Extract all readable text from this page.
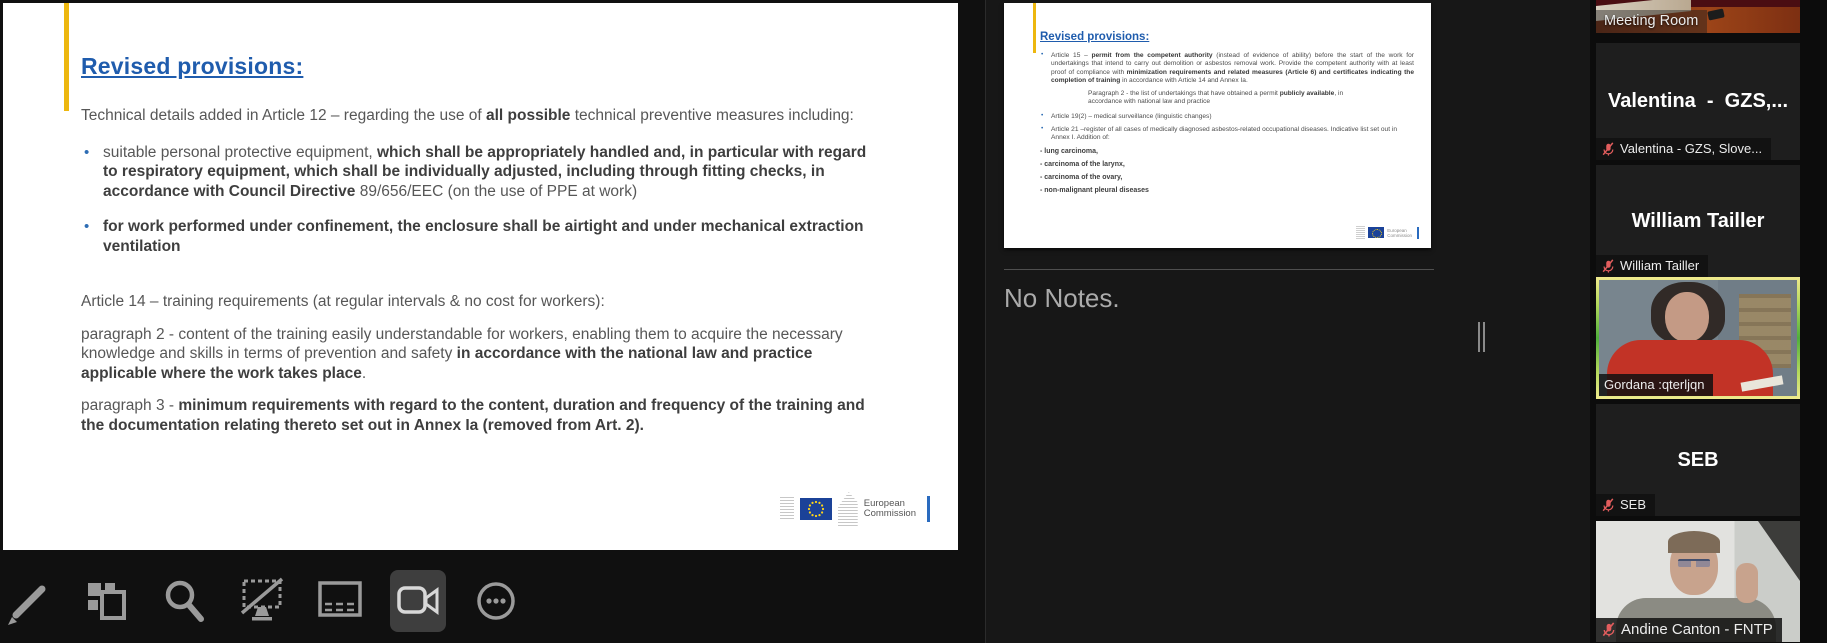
Revised provisions:

Technical details added in Article 12 – regarding the use of all possible technical preventive measures including:

• suitable personal protective equipment, which shall be appropriately handled and, in particular with regard to respiratory equipment, which shall be individually adjusted, including through fitting checks, in accordance with Council Directive 89/656/EEC (on the use of PPE at work)
• for work performed under confinement, the enclosure shall be airtight and under mechanical extraction ventilation

Article 14 – training requirements (at regular intervals & no cost for workers):

paragraph 2 - content of the training easily understandable for workers, enabling them to acquire the necessary knowledge and skills in terms of prevention and safety in accordance with the national law and practice applicable where the work takes place.

paragraph 3 - minimum requirements with regard to the content, duration and frequency of the training and the documentation relating thereto set out in Annex Ia (removed from Art. 2).

European
Commission
Revised provisions:
• Article 15 – permit from the competent authority (instead of evidence of ability) before the start of the work for undertakings that intend to carry out demolition or asbestos removal work. Provide the competent authority with at least proof of compliance with minimization requirements and related measures (Article 6) and certificates indicating the completion of training in accordance with Article 14 and Annex Ia.

Paragraph 2 - the list of undertakings that have obtained a permit publicly available, in accordance with national law and practice

• Article 19(2) – medical surveillance (linguistic changes)
• Article 21 –register of all cases of medically diagnosed asbestos-related occupational diseases. Indicative list set out in Annex I. Addition of:

- lung carcinoma,

- carcinoma of the larynx,

- carcinoma of the ovary,

- non-malignant pleural diseases

European
Commission
No Notes.
Meeting Room
Valentina  -  GZS,...
Valentina - GZS, Slove...
William Tailler
William Tailler
Gordana :qterljqn
SEB
SEB
Andine Canton - FNTP
